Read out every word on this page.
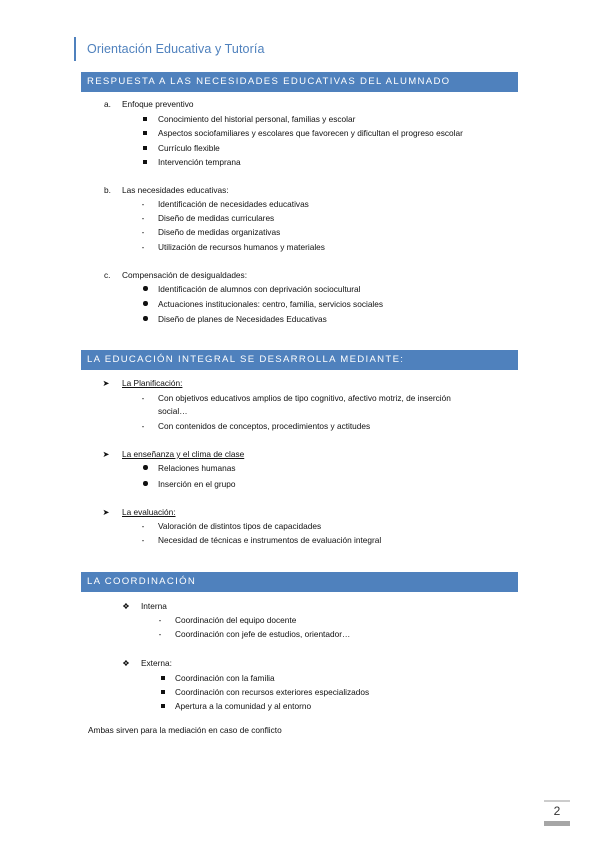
Orientación Educativa y Tutoría
RESPUESTA A LAS NECESIDADES EDUCATIVAS DEL ALUMNADO
a. Enfoque preventivo
Conocimiento del historial personal, familias y escolar
Aspectos sociofamiliares y escolares que favorecen y dificultan el progreso escolar
Currículo flexible
Intervención temprana
b. Las necesidades educativas:
-	Identificación de necesidades educativas
-	Diseño de medidas curriculares
-	Diseño de medidas organizativas
-	Utilización de recursos humanos y materiales
c. Compensación de desigualdades:
Identificación de alumnos con deprivación sociocultural
Actuaciones institucionales: centro, familia, servicios sociales
Diseño de planes de Necesidades Educativas
LA EDUCACIÓN INTEGRAL SE DESARROLLA MEDIANTE:
➤ La Planificación:
-	Con objetivos educativos amplios de tipo cognitivo, afectivo motriz, de inserción
social…
-	Con contenidos de conceptos, procedimientos y actitudes
➤ La enseñanza y el clima de clase
Relaciones humanas
Inserción en el grupo
➤ La evaluación:
-	Valoración de distintos tipos de capacidades
-	Necesidad de técnicas e instrumentos de evaluación integral
LA COORDINACIÓN
❖ Interna
-	Coordinación del equipo docente
-	Coordinación con jefe de estudios, orientador…
❖ Externa:
Coordinación con la familia
Coordinación con recursos exteriores especializados
Apertura a la comunidad y al entorno
Ambas sirven para la mediación en caso de conflicto
2
